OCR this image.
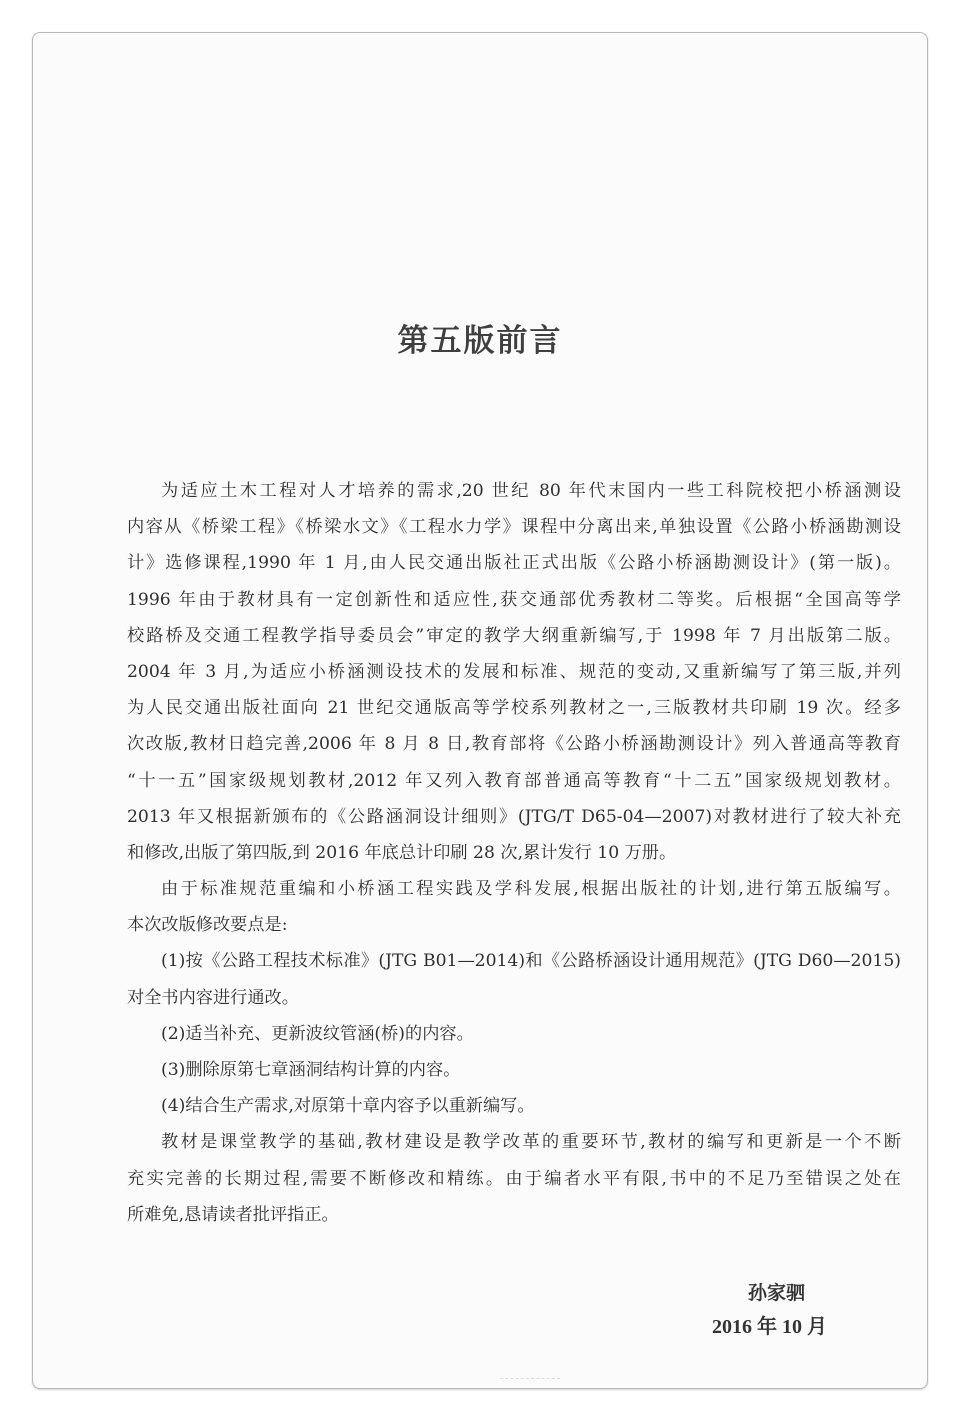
第五版前言
为适应土木工程对人才培养的需求,20 世纪 80 年代末国内一些工科院校把小桥涵测设
内容从《桥梁工程》《桥梁水文》《工程水力学》课程中分离出来,单独设置《公路小桥涵勘测设
计》选修课程,1990 年 1 月,由人民交通出版社正式出版《公路小桥涵勘测设计》(第一版)。
1996 年由于教材具有一定创新性和适应性,获交通部优秀教材二等奖。后根据“全国高等学
校路桥及交通工程教学指导委员会”审定的教学大纲重新编写,于 1998 年 7 月出版第二版。
2004 年 3 月,为适应小桥涵测设技术的发展和标准、规范的变动,又重新编写了第三版,并列
为人民交通出版社面向 21 世纪交通版高等学校系列教材之一,三版教材共印刷 19 次。经多
次改版,教材日趋完善,2006 年 8 月 8 日,教育部将《公路小桥涵勘测设计》列入普通高等教育
“十一五”国家级规划教材,2012 年又列入教育部普通高等教育“十二五”国家级规划教材。
2013 年又根据新颁布的《公路涵洞设计细则》(JTG/T D65-04—2007)对教材进行了较大补充
和修改,出版了第四版,到 2016 年底总计印刷 28 次,累计发行 10 万册。
由于标准规范重编和小桥涵工程实践及学科发展,根据出版社的计划,进行第五版编写。
本次改版修改要点是:
(1)按《公路工程技术标准》(JTG B01—2014)和《公路桥涵设计通用规范》(JTG D60—2015)
对全书内容进行通改。
(2)适当补充、更新波纹管涵(桥)的内容。
(3)删除原第七章涵洞结构计算的内容。
(4)结合生产需求,对原第十章内容予以重新编写。
教材是课堂教学的基础,教材建设是教学改革的重要环节,教材的编写和更新是一个不断
充实完善的长期过程,需要不断修改和精练。由于编者水平有限,书中的不足乃至错误之处在
所难免,恳请读者批评指正。
孙家驷
2016 年 10 月
